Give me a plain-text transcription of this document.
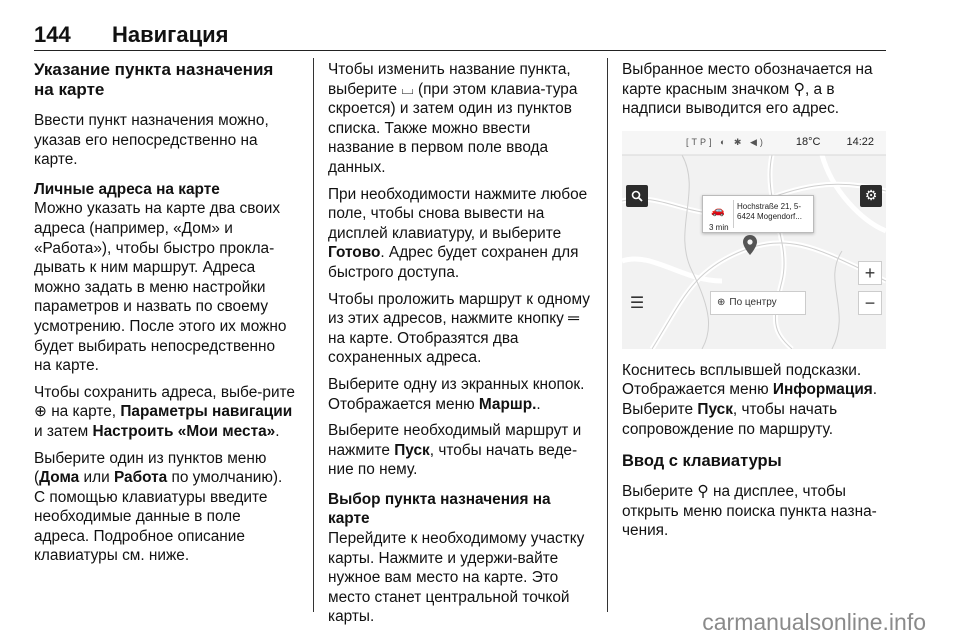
144 Навигация
Указание пункта назначения на карте

Ввести пункт назначения можно, указав его непосредственно на карте.

Личные адреса на карте

Можно указать на карте два своих адреса (например, «Дом» и «Работа»), чтобы быстро прокла-дывать к ним маршрут. Адреса можно задать в меню настройки параметров и назвать по своему усмотрению. После этого их можно будет выбирать непосредственно на карте.

Чтобы сохранить адреса, выбе-рите ⊕ на карте, Параметры навигации и затем Настроить «Мои места».

Выберите один из пунктов меню (Дома или Работа по умолчанию). С помощью клавиатуры введите необходимые данные в поле адреса. Подробное описание клавиатуры см. ниже.

Чтобы изменить название пункта, выберите ⌴ (при этом клавиа-тура скроется) и затем один из пунктов списка. Также можно ввести название в первом поле ввода данных.

При необходимости нажмите любое поле, чтобы снова вывести на дисплей клавиатуру, и выберите Готово. Адрес будет сохранен для быстрого доступа.

Чтобы проложить маршрут к одному из этих адресов, нажмите кнопку ═ на карте. Отобразятся два сохраненных адреса.

Выберите одну из экранных кнопок. Отображается меню Маршр..

Выберите необходимый маршрут и нажмите Пуск, чтобы начать веде-ние по нему.

Выбор пункта назначения на карте

Перейдите к необходимому участку карты. Нажмите и удержи-вайте нужное вам место на карте. Это место станет центральной точкой карты.

Выбранное место обозначается на карте красным значком ⚲, а в надписи выводится его адрес.

[TP] ◐ ✱ ◀)	18°C 14:22
⚙
🚗
3 min
Hochstraße 21, 5-
6424 Mogendorf...
+
−
☰	⊕ По центру

Коснитесь всплывшей подсказки. Отображается меню Информация. Выберите Пуск, чтобы начать сопровождение по маршруту.

Ввод с клавиатуры

Выберите ⚲ на дисплее, чтобы открыть меню поиска пункта назна-чения.

carmanualsonline.info
